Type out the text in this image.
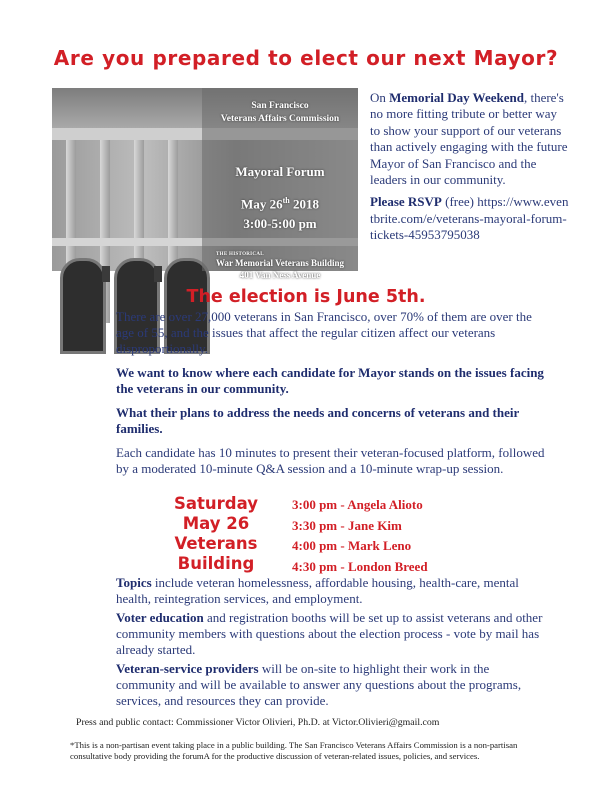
Are you prepared to elect our next Mayor?
San Francisco
Veterans Affairs Commission
Mayoral Forum
May 26th 2018
3:00-5:00 pm
THE HISTORICAL
War Memorial Veterans Building
401 Van Ness Avenue
On Memorial Day Weekend, there's no more fitting tribute or better way to show your support of our veterans than actively engaging with the future Mayor of San Francisco and the leaders in our community.
Please RSVP (free) https://www.eventbrite.com/e/veterans-mayoral-forum-tickets-45953795038
The election is June 5th.

There are over 27,000 veterans in San Francisco, over 70% of them are over the age of 55, and the issues that affect the regular citizen affect our veterans disproportionally.

We want to know where each candidate for Mayor stands on the issues facing the veterans in our community.

What their plans to address the needs and concerns of veterans and their families.

Each candidate has 10 minutes to present their veteran-focused platform, followed by a moderated 10-minute Q&A session and a 10-minute wrap-up session.

Saturday
May 26
Veterans
Building
3:00 pm - Angela Alioto
3:30 pm - Jane Kim
4:00 pm - Mark Leno
4:30 pm - London Breed

Topics include veteran homelessness, affordable housing, health-care, mental health, reintegration services, and employment.

Voter education and registration booths will be set up to assist veterans and other community members with questions about the election process - vote by mail has already started.

Veteran-service providers will be on-site to highlight their work in the community and will be available to answer any questions about the programs, services, and resources they can provide.

Press and public contact: Commissioner Victor Olivieri, Ph.D. at Victor.Olivieri@gmail.com
*This is a non-partisan event taking place in a public building. The San Francisco Veterans Affairs Commission is a non-partisan consultative body providing the forumA for the productive discussion of veteran-related issues, policies, and services.
